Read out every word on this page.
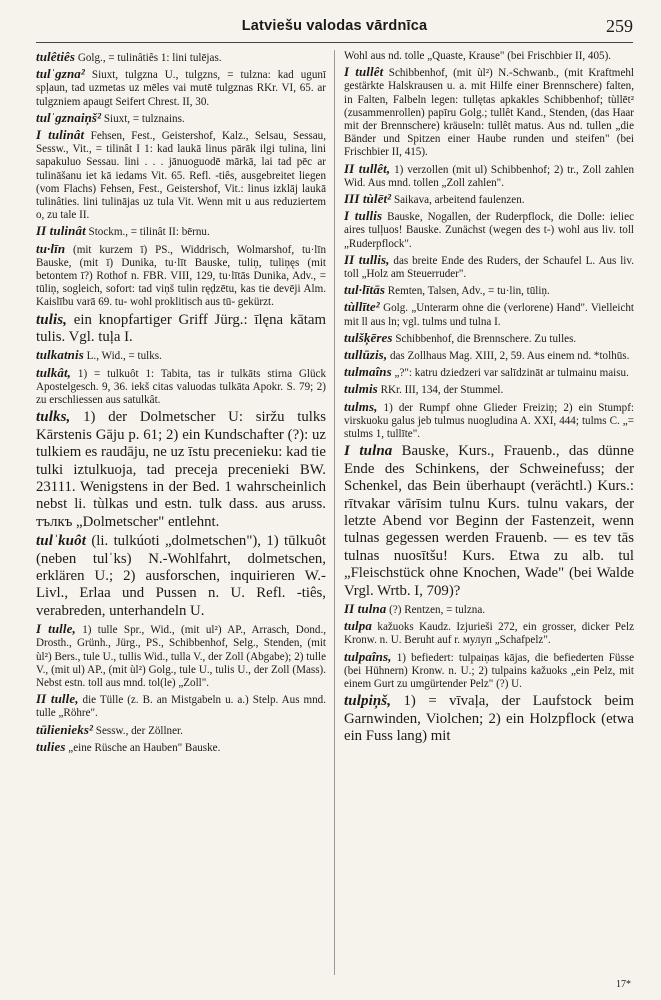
Latviešu valodas vārdnīca	259

tulêtiês Golg., = tulinâtiês 1: lini tulējas.

tulˈgzna² Siuxt, tulgzna U., tulgzns, = tulzna: kad ugunī spļaun, tad uzmetas uz mēles vai mutē tulgznas RKr. VI, 65. ar tulgzniem apaugt Seifert Chrest. II, 30.

tulˈgznaiņš² Siuxt, = tulznains.

I tulinât Fehsen, Fest., Geistershof, Kalz., Selsau, Sessau, Sessw., Vit., = tilinât I 1: kad laukā linus pārāk ilgi tulina, lini sapakuluo Sessau. lini . . . jānuoguodē mārkā, lai tad pēc ar tulināšanu iet kā iedams Vit. 65. Refl. -tiês, ausgebreitet liegen (vom Flachs) Fehsen, Fest., Geistershof, Vit.: linus izklāj laukā tulinâties. lini tulinājas uz tula Vit. Wenn mit u aus reduziertem o, zu tale II.

II tulinât Stockm., = tilinât II: bērnu.

tu·līn (mit kurzem ī) PS., Widdrisch, Wolmarshof, tu·līn Bauske, (mit ī) Dunika, tu·līt Bauske, tuliņ, tuliņęs (mit betontem ī?) Rothof n. FBR. VIII, 129, tu·lītās Dunika, Adv., = tūliņ, sogleich, sofort: tad viņš tulin ręḍzētu, kas tie devēji Alm. Kaislību varā 69. tu- wohl proklitisch aus tū- gekürzt.

tulis, ein knopfartiger Griff Jürg.: īlęna kātam tulis. Vgl. tuļa I.

tulkatnis L., Wid., = tulks.

tulkât, 1) = tulkuôt 1: Tabita, tas ir tulkāts stirna Glück Apostelgesch. 9, 36. iekš citas valuodas tulkāta Apokr. S. 79; 2) zu erschliessen aus satulkât.

tulks, 1) der Dolmetscher U: siržu tulks Kārstenis Gāju p. 61; 2) ein Kundschafter (?): uz tulkiem es raudāju, ne uz īstu precenieku: kad tie tulki iztulkuoja, tad preceja precenieki BW. 23111. Wenigstens in der Bed. 1 wahrscheinlich nebst li. tùlkas und estn. tulk dass. aus aruss. тълкъ „Dolmetscher" entlehnt.

tulˈkuôt (li. tulkúoti „dolmetschen"), 1) tūlkuôt (neben tulˈks) N.-Wohlfahrt, dolmetschen, erklären U.; 2) ausforschen, inquirieren W.-Livl., Erlaa und Pussen n. U. Refl. -tiês, verabreden, unterhandeln U.

I tulle, 1) tulle Spr., Wid., (mit ul²) AP., Arrasch, Dond., Drosth., Grünh., Jürg., PS., Schibbenhof, Selg., Stenden, (mit ùl²) Bers., tule U., tullis Wid., tulla V., der Zoll (Abgabe); 2) tulle V., (mit ul) AP., (mit ùl²) Golg., tule U., tulis U., der Zoll (Mass). Nebst estn. toll aus mnd. tol(le) „Zoll".

II tulle, die Tülle (z. B. an Mistgabeln u. a.) Stelp. Aus mnd. tulle „Röhre".

tūlienieks² Sessw., der Zöllner.

tulies „eine Rüsche an Hauben" Bauske.

Wohl aus nd. tolle „Quaste, Krause" (bei Frischbier II, 405).

I tullêt Schibbenhof, (mit ùl²) N.-Schwanb., (mit Kraftmehl gestärkte Halskrausen u. a. mit Hilfe einer Brennschere) falten, in Falten, Falbeln legen: tullętas apkakles Schibbenhof; tùllēt² (zusammenrollen) papīru Golg.; tullêt Kand., Stenden, (das Haar mit der Brennschere) kräuseln: tullêt matus. Aus nd. tullen „die Bänder und Spitzen einer Haube runden und steifen" (bei Frischbier II, 415).

II tullêt, 1) verzollen (mit ul) Schibbenhof; 2) tr., Zoll zahlen Wid. Aus mnd. tollen „Zoll zahlen".

III tùlēt² Saikava, arbeitend faulenzen.

I tullis Bauske, Nogallen, der Ruderpflock, die Dolle: ieliec aires tulļuos! Bauske. Zunächst (wegen des t-) wohl aus liv. toll „Ruderpflock".

II tullis, das breite Ende des Ruders, der Schaufel L. Aus liv. toll „Holz am Steuerruder".

tul·lītās Remten, Talsen, Adv., = tu·lin, tūliņ.

tùllīte² Golg. „Unterarm ohne die (verlorene) Hand". Vielleicht mit ll aus ln; vgl. tulms und tulna I.

tulšķēres Schibbenhof, die Brennschere. Zu tulles.

tullūzis, das Zollhaus Mag. XIII, 2, 59. Aus einem nd. *tolhūs.

tulmaîns „?": katru dziedzeri var salīdzināt ar tulmainu maisu.

tulmis RKr. III, 134, der Stummel.

tulms, 1) der Rumpf ohne Glieder Freiziņ; 2) ein Stumpf: virskuoku galus jeb tulmus nuogludina A. XXI, 444; tulms C. „= stulms 1, tullīte".

I tulna Bauske, Kurs., Frauenb., das dünne Ende des Schinkens, der Schweinefuss; der Schenkel, das Bein überhaupt (verächtl.) Kurs.: rītvakar vārīsim tulnu Kurs. tulnu vakars, der letzte Abend vor Beginn der Fastenzeit, wenn tulnas gegessen werden Frauenb. — es tev tās tulnas nuosītšu! Kurs. Etwa zu alb. tul „Fleischstück ohne Knochen, Wade" (bei Walde Vrgl. Wrtb. I, 709)?

II tulna (?) Rentzen, = tulzna.

tulpa kažuoks Kaudz. Izjurieši 272, ein grosser, dicker Pelz Kronw. n. U. Beruht auf r. мулуп „Schafpelz".

tulpaîns, 1) befiedert: tulpaiņas kājas, die befiederten Füsse (bei Hühnern) Kronw. n. U.; 2) tulpains kažuoks „ein Pelz, mit einem Gurt zu umgürtender Pelz" (?) U.

tulpiņš, 1) = vīvaļa, der Laufstock beim Garnwinden, Violchen; 2) ein Holzpflock (etwa ein Fuss lang) mit

17*
